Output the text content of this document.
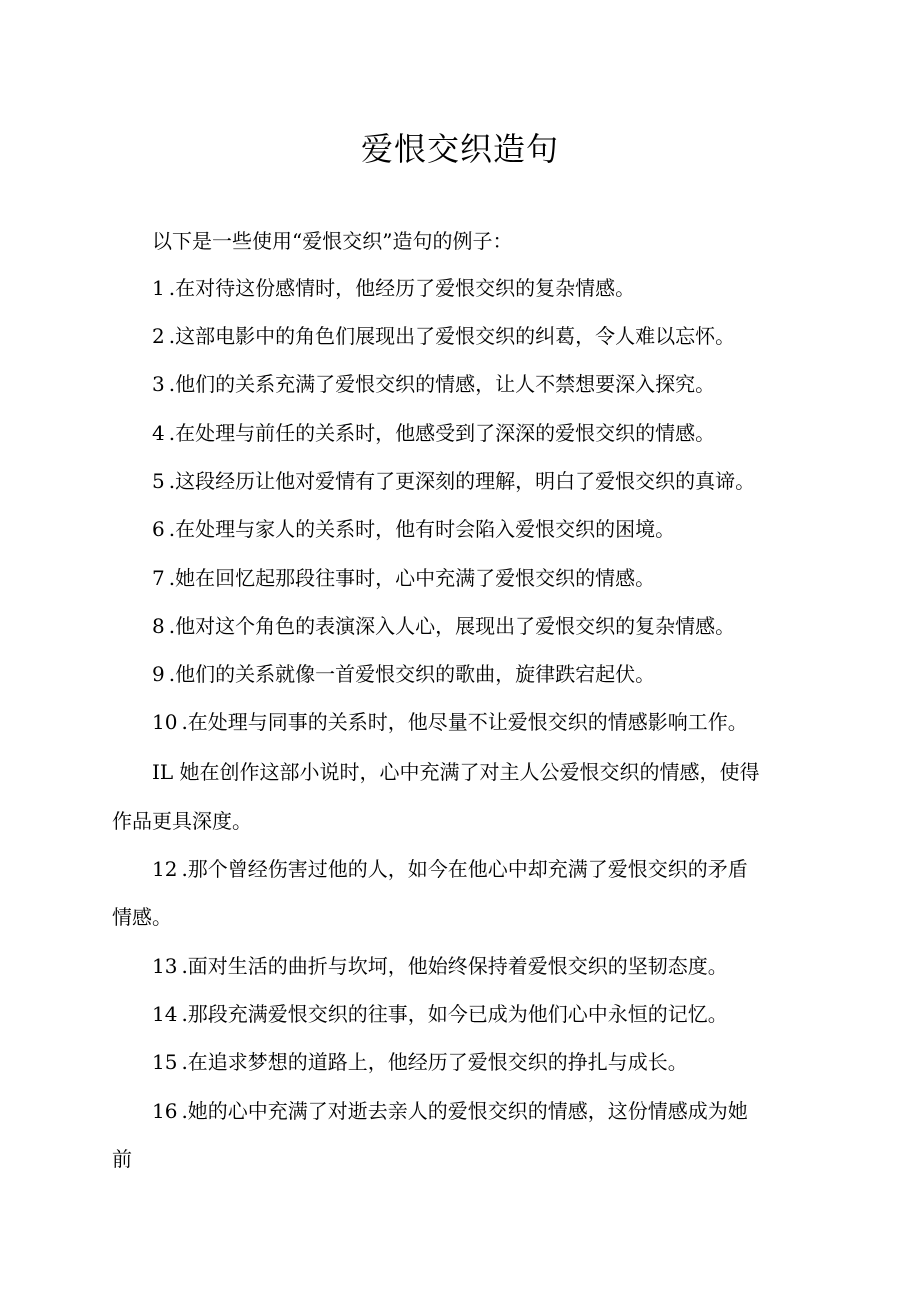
爱恨交织造句

以下是一些使用“爱恨交织”造句的例子：

1 .在对待这份感情时，他经历了爱恨交织的复杂情感。

2 .这部电影中的角色们展现出了爱恨交织的纠葛，令人难以忘怀。

3 .他们的关系充满了爱恨交织的情感，让人不禁想要深入探究。

4 .在处理与前任的关系时，他感受到了深深的爱恨交织的情感。

5 .这段经历让他对爱情有了更深刻的理解，明白了爱恨交织的真谛。

6 .在处理与家人的关系时，他有时会陷入爱恨交织的困境。

7 .她在回忆起那段往事时，心中充满了爱恨交织的情感。

8 .他对这个角色的表演深入人心，展现出了爱恨交织的复杂情感。

9 .他们的关系就像一首爱恨交织的歌曲，旋律跌宕起伏。

10 .在处理与同事的关系时，他尽量不让爱恨交织的情感影响工作。

IL 她在创作这部小说时，心中充满了对主人公爱恨交织的情感，使得

作品更具深度。

12 .那个曾经伤害过他的人，如今在他心中却充满了爱恨交织的矛盾

情感。

13 .面对生活的曲折与坎坷，他始终保持着爱恨交织的坚韧态度。

14 .那段充满爱恨交织的往事，如今已成为他们心中永恒的记忆。

15 .在追求梦想的道路上，他经历了爱恨交织的挣扎与成长。

16 .她的心中充满了对逝去亲人的爱恨交织的情感，这份情感成为她

前
